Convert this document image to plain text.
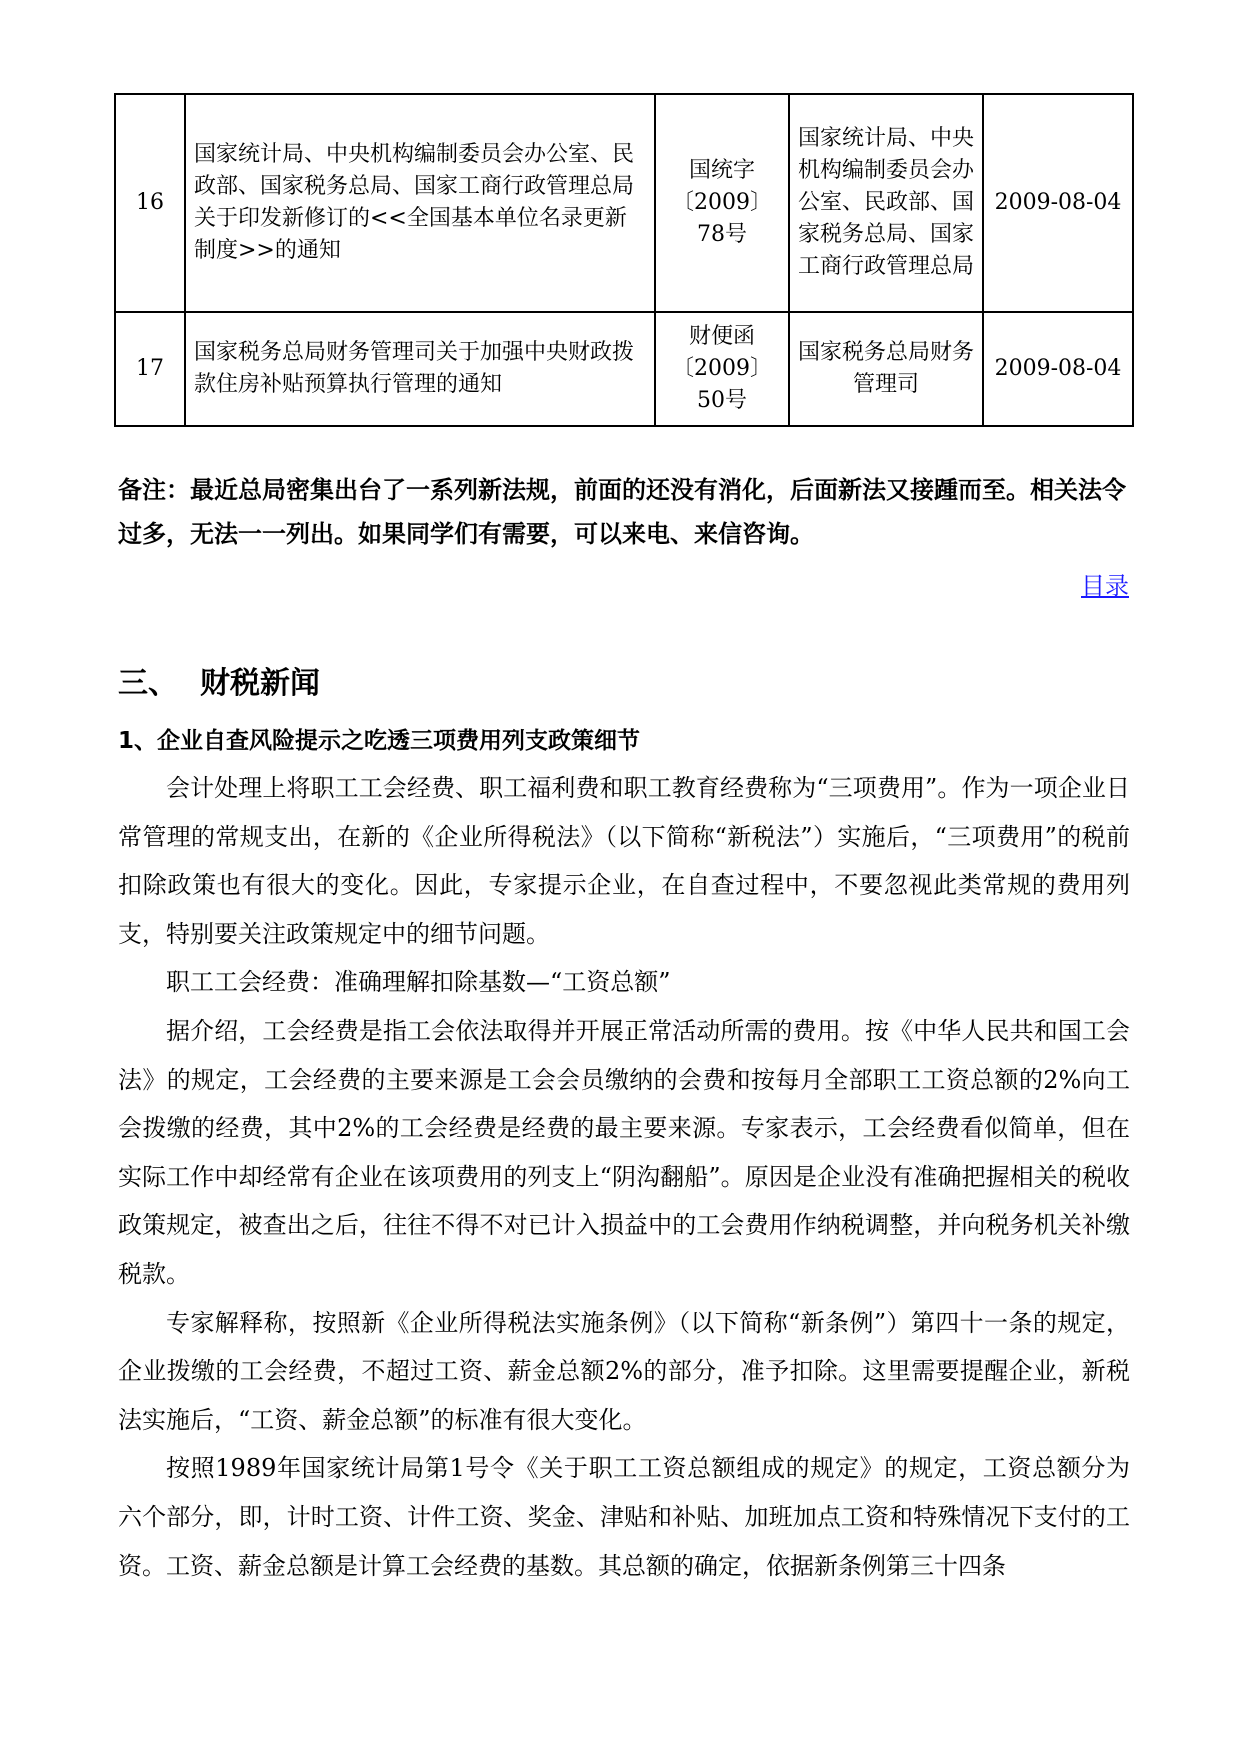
16	国家统计局、中央机构编制委员会办公室、民政部、国家税务总局、国家工商行政管理总局关于印发新修订的<<全国基本单位名录更新制度>>的通知	国统字〔2009〕78号	国家统计局、中央机构编制委员会办公室、民政部、国家税务总局、国家工商行政管理总局	2009-08-04
17	国家税务总局财务管理司关于加强中央财政拨款住房补贴预算执行管理的通知	财便函〔2009〕50号	国家税务总局财务管理司	2009-08-04
备注：最近总局密集出台了一系列新法规，前面的还没有消化，后面新法又接踵而至。相关法令过多，无法一一列出。如果同学们有需要，可以来电、来信咨询。
目录
三、 财税新闻
1、企业自查风险提示之吃透三项费用列支政策细节

会计处理上将职工工会经费、职工福利费和职工教育经费称为“三项费用”。作为一项企业日常管理的常规支出，在新的《企业所得税法》（以下简称“新税法”）实施后，“三项费用”的税前扣除政策也有很大的变化。因此，专家提示企业，在自查过程中，不要忽视此类常规的费用列支，特别要关注政策规定中的细节问题。

职工工会经费：准确理解扣除基数—“工资总额”

据介绍，工会经费是指工会依法取得并开展正常活动所需的费用。按《中华人民共和国工会法》的规定，工会经费的主要来源是工会会员缴纳的会费和按每月全部职工工资总额的2%向工会拨缴的经费，其中2%的工会经费是经费的最主要来源。专家表示，工会经费看似简单，但在实际工作中却经常有企业在该项费用的列支上“阴沟翻船”。原因是企业没有准确把握相关的税收政策规定，被查出之后，往往不得不对已计入损益中的工会费用作纳税调整，并向税务机关补缴税款。

专家解释称，按照新《企业所得税法实施条例》（以下简称“新条例”）第四十一条的规定，企业拨缴的工会经费，不超过工资、薪金总额2%的部分，准予扣除。这里需要提醒企业，新税法实施后，“工资、薪金总额”的标准有很大变化。

按照1989年国家统计局第1号令《关于职工工资总额组成的规定》的规定，工资总额分为六个部分，即，计时工资、计件工资、奖金、津贴和补贴、加班加点工资和特殊情况下支付的工资。工资、薪金总额是计算工会经费的基数。其总额的确定，依据新条例第三十四条
